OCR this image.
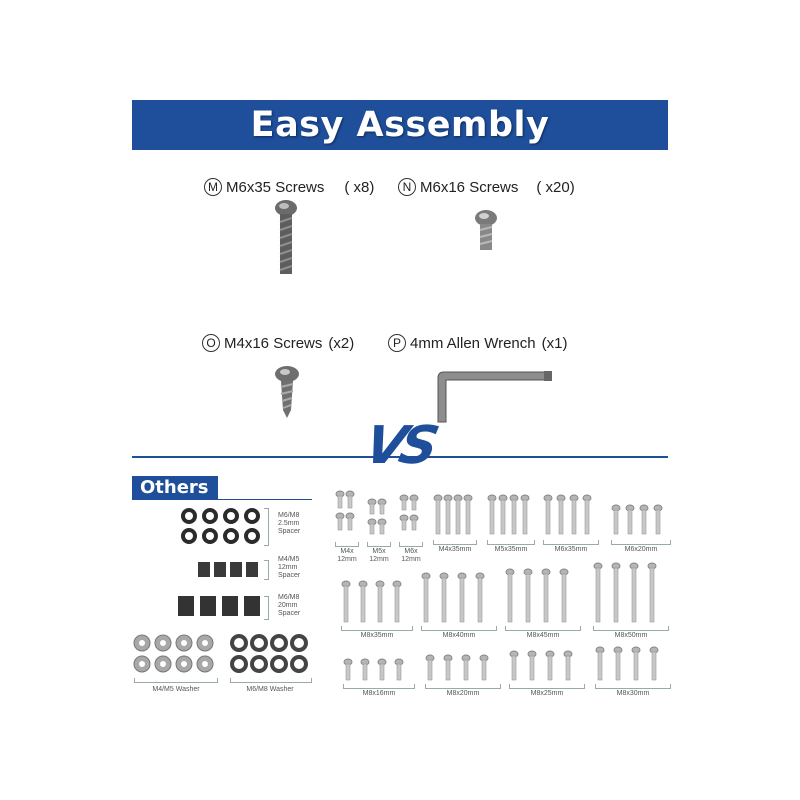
Easy Assembly
M M6x35 Screws ( x8)	N M6x16 Screws ( x20)
O M4x16 Screws (x2)	P 4mm Allen Wrench (x1)
VS
Others
M6/M8
2.5mm
Spacer
M4/M5
12mm
Spacer
M6/M8
20mm
Spacer
M4/M5 Washer	M6/M8 Washer
M4x
12mm
M5x
12mm
M6x
12mm
M4x35mm	M5x35mm	M6x35mm	M6x20mm
M8x35mm	M8x40mm	M8x45mm	M8x50mm
M8x16mm	M8x20mm	M8x25mm	M8x30mm
